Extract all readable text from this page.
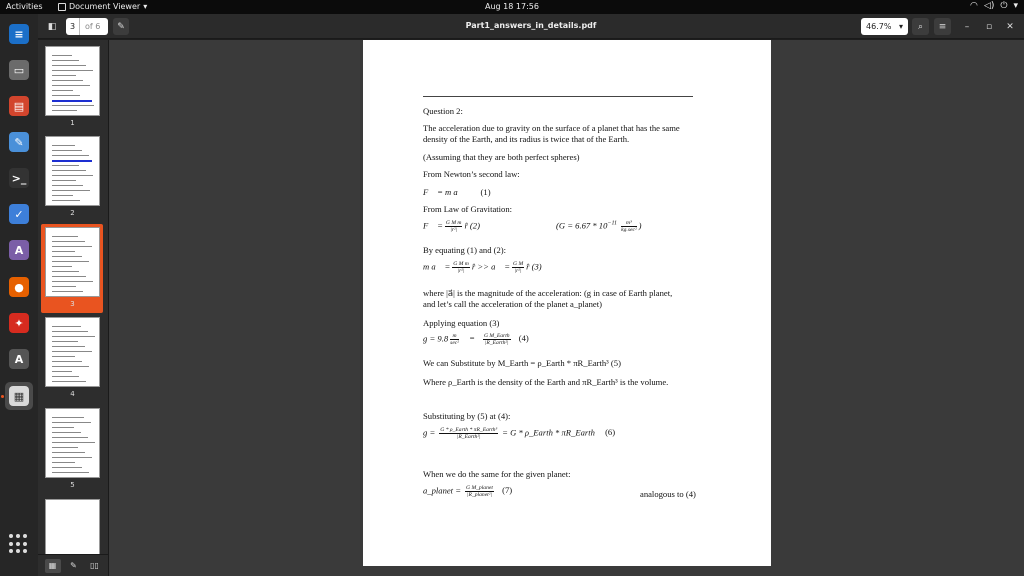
Activities	Document Viewer ▾	Aug 18 17:56	◠ ◁) ⏻ ▾
≡
▭
▤
✎
>_
✓
A
●
✦
A
▦
◧	3	of 6 ✎	Part1_answers_in_details.pdf	46.7% ▾ ⌕ ≡ – ▫ ✕
1
2
3
4
5
▦ ✎ ▯▯
Question 2:
The acceleration due to gravity on the surface of a planet that has the same
density of the Earth, and its radius is twice that of the Earth.
(Assuming that they are both perfect spheres)
From Newton’s second law:
F⃗ = m a⃗ (1)
From Law of Gravitation:
F⃗ = $\frac{\text{G M m}}{\text{|r²|}}$ r̂ (2)	($G = 6.67 * 10^{-11} \frac{\text{m³}}{\text{kg.sec²}}$ )
By equating (1) and (2):
m a⃗ = $\frac{\text{G M m}}{\text{|r²|}}$ r̂ >> a⃗ = $\frac{\text{G M}}{\text{|r²|}}$ r̂ (3)
where |a⃗| is the magnitude of the acceleration: (g in case of Earth planet,
and let’s call the acceleration of the planet a_planet)
Applying equation (3)
$g = 9.8 \frac{m}{\text{sec²}} = \frac{\text{G M\_Earth}}{\text{|R\_Earth²|}} (4)$
We can Substitute by M_Earth = ρ_Earth * πR_Earth³ (5)
Where ρ_Earth is the density of the Earth and πR_Earth³ is the volume.
Substituting by (5) at (4):
$g = \frac{\text{G * ρ\_Earth * πR\_Earth³}}{\text{|R\_Earth²|}} = G$ * ρ_Earth * πR_Earth (6)
When we do the same for the given planet:
a_planet = $\frac{\text{G M\_planet}}{\text{|R\_planet²|}} (7)$	analogous to (4)
